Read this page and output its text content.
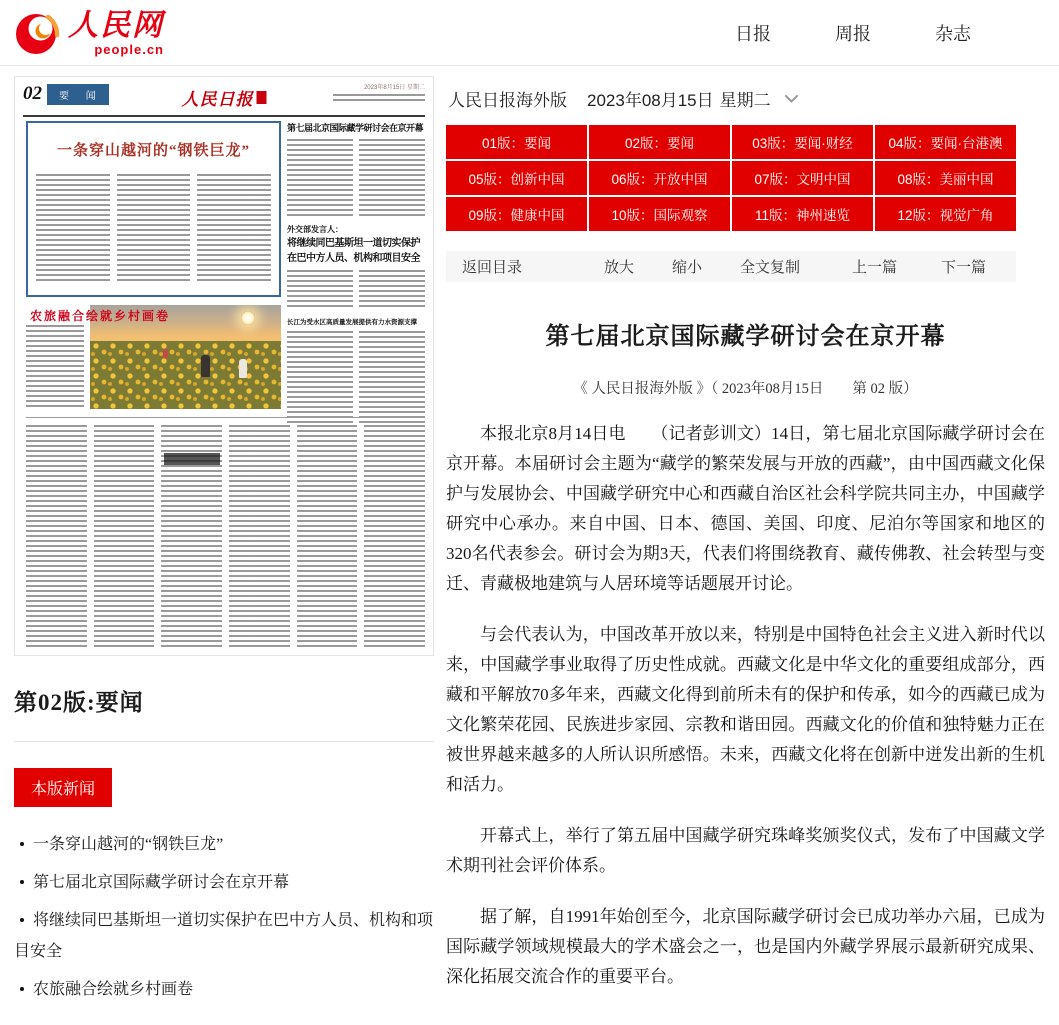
人民网
people.cn
日报	周报	杂志
02	要 闻	人民日报
2023年8月15日 星期二
一条穿山越河的“钢铁巨龙”
第七届北京国际藏学研讨会在京开幕
外交部发言人：
将继续同巴基斯坦一道切实保护
在巴中方人员、机构和项目安全
长江为受水区高质量发展提供有力水资源支撑
农旅融合绘就乡村画卷
第02版:要闻
本版新闻
一条穿山越河的“钢铁巨龙”
第七届北京国际藏学研讨会在京开幕
将继续同巴基斯坦一道切实保护在巴中方人员、机构和项目安全
农旅融合绘就乡村画卷
人民日报海外版 2023年08月15日 星期二
01版：要闻	02版：要闻	03版：要闻·财经	04版：要闻·台港澳
05版：创新中国	06版：开放中国	07版：文明中国	08版：美丽中国
09版：健康中国	10版：国际观察	11版：神州速览	12版：视觉广角
返回目录	放大	缩小	全文复制	上一篇	下一篇
第七届北京国际藏学研讨会在京开幕
《 人民日报海外版 》（ 2023年08月15日　　第 02 版）

本报北京8月14日电　　（记者彭训文）14日，第七届北京国际藏学研讨会在京开幕。本届研讨会主题为“藏学的繁荣发展与开放的西藏”，由中国西藏文化保护与发展协会、中国藏学研究中心和西藏自治区社会科学院共同主办，中国藏学研究中心承办。来自中国、日本、德国、美国、印度、尼泊尔等国家和地区的320名代表参会。研讨会为期3天，代表们将围绕教育、藏传佛教、社会转型与变迁、青藏极地建筑与人居环境等话题展开讨论。

与会代表认为，中国改革开放以来，特别是中国特色社会主义进入新时代以来，中国藏学事业取得了历史性成就。西藏文化是中华文化的重要组成部分，西藏和平解放70多年来，西藏文化得到前所未有的保护和传承，如今的西藏已成为文化繁荣花园、民族进步家园、宗教和谐田园。西藏文化的价值和独特魅力正在被世界越来越多的人所认识所感悟。未来，西藏文化将在创新中迸发出新的生机和活力。

开幕式上，举行了第五届中国藏学研究珠峰奖颁奖仪式，发布了中国藏文学术期刊社会评价体系。

据了解，自1991年始创至今，北京国际藏学研讨会已成功举办六届，已成为国际藏学领域规模最大的学术盛会之一，也是国内外藏学界展示最新研究成果、深化拓展交流合作的重要平台。
